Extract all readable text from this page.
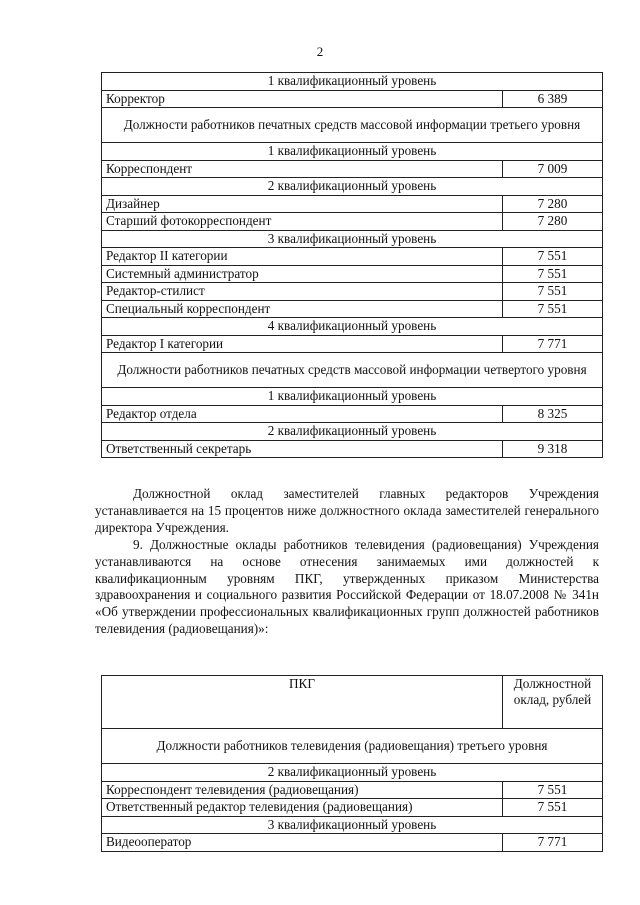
2
1 квалификационный уровень	
Корректор	6 389
Должности работников печатных средств массовой информации третьего уровня	
1 квалификационный уровень	
Корреспондент	7 009
2 квалификационный уровень	
Дизайнер	7 280
Старший фотокорреспондент	7 280
3 квалификационный уровень	
Редактор II категории	7 551
Системный администратор	7 551
Редактор-стилист	7 551
Специальный корреспондент	7 551
4 квалификационный уровень	
Редактор I категории	7 771
Должности работников печатных средств массовой информации четвертого уровня	
1 квалификационный уровень	
Редактор отдела	8 325
2 квалификационный уровень	
Ответственный секретарь	9 318

Должностной оклад заместителей главных редакторов Учреждения устанавливается на 15 процентов ниже должностного оклада заместителей генерального директора Учреждения.

9. Должностные оклады работников телевидения (радиовещания) Учреждения устанавливаются на основе отнесения занимаемых ими должностей к квалификационным уровням ПКГ, утвержденных приказом Министерства здравоохранения и социального развития Российской Федерации от 18.07.2008 № 341н «Об утверждении профессиональных квалификационных групп должностей работников телевидения (радиовещания)»:

ПКГ	Должностной оклад, рублей
Должности работников телевидения (радиовещания) третьего уровня	
2 квалификационный уровень	
Корреспондент телевидения (радиовещания)	7 551
Ответственный редактор телевидения (радиовещания)	7 551
3 квалификационный уровень	
Видеооператор	7 771
